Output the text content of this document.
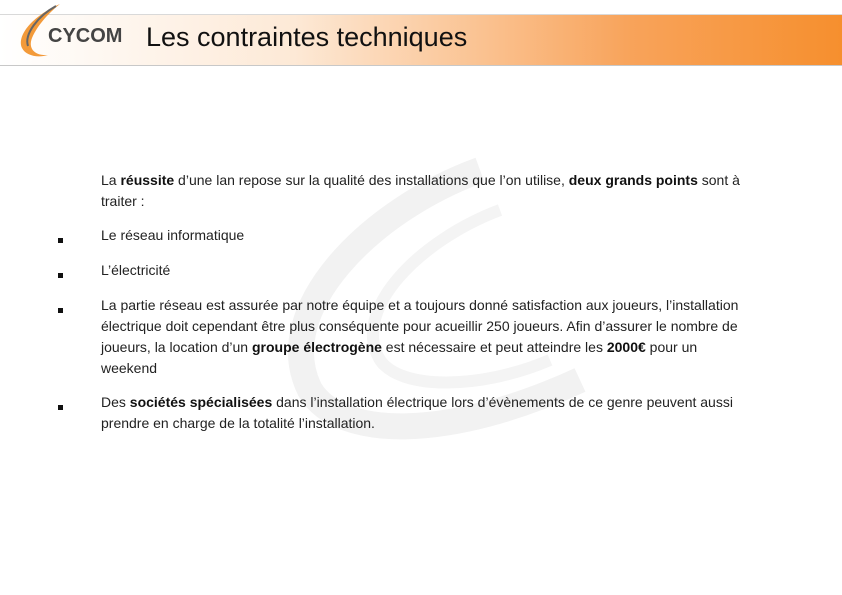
CYCOM Les contraintes techniques
La réussite d’une lan repose sur la qualité des installations que l’on utilise, deux grands points sont à traiter :
Le réseau informatique
L’électricité
La partie réseau est assurée par notre équipe et a toujours donné satisfaction aux joueurs, l’installation électrique doit cependant être plus conséquente pour acueillir 250 joueurs. Afin d’assurer le nombre de joueurs, la location d’un groupe électrogène est nécessaire et peut atteindre les 2000€ pour un weekend
Des sociétés spécialisées dans l’installation électrique lors d’évènements de ce genre peuvent aussi prendre en charge de la totalité l’installation.
